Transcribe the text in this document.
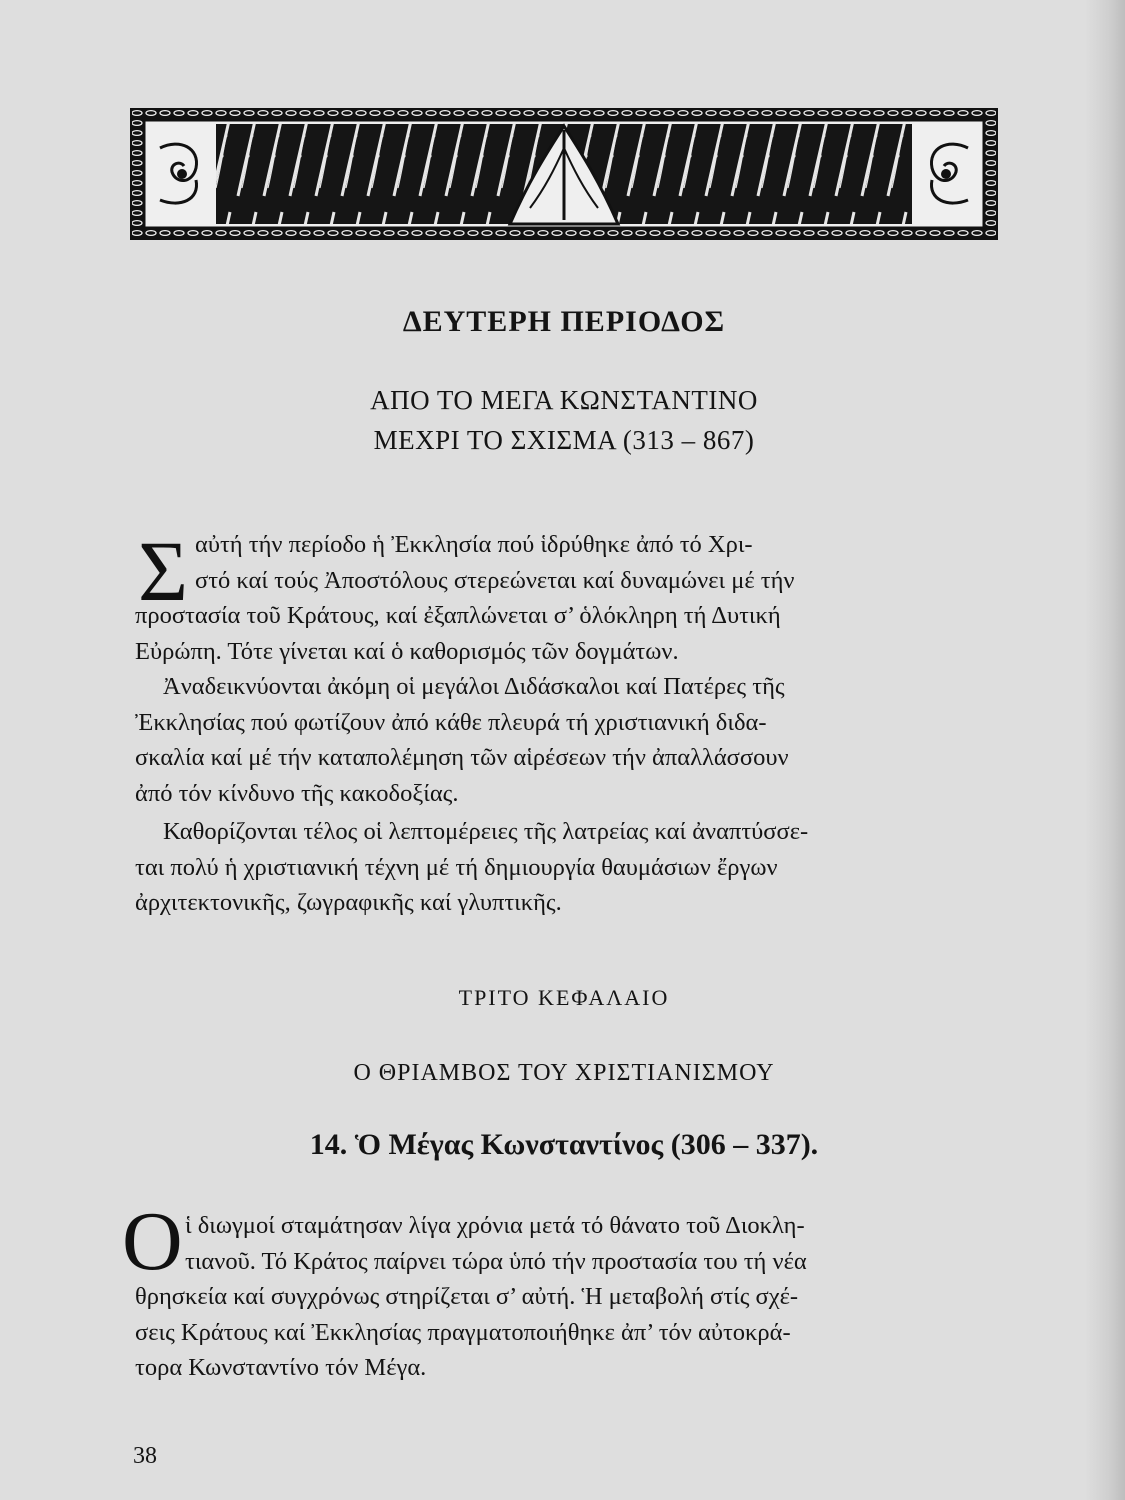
ΔΕΥΤΕΡΗ ΠΕΡΙΟΔΟΣ
ΑΠΟ ΤΟ ΜΕΓΑ ΚΩΝΣΤΑΝΤΙΝΟ
ΜΕΧΡΙ ΤΟ ΣΧΙΣΜΑ (313 – 867)
Σ αὐτή τήν περίοδο ἡ Ἐκκλησία πού ἱδρύθηκε ἀπό τό Χρι-
στό καί τούς Ἀποστόλους στερεώνεται καί δυναμώνει μέ τήν
προστασία τοῦ Κράτους, καί ἐξαπλώνεται σ’ ὁλόκληρη τή Δυτική
Εὐρώπη. Τότε γίνεται καί ὁ καθορισμός τῶν δογμάτων.
Ἀναδεικνύονται ἀκόμη οἱ μεγάλοι Διδάσκαλοι καί Πατέρες τῆς
Ἐκκλησίας πού φωτίζουν ἀπό κάθε πλευρά τή χριστιανική διδα-
σκαλία καί μέ τήν καταπολέμηση τῶν αἱρέσεων τήν ἀπαλλάσσουν
ἀπό τόν κίνδυνο τῆς κακοδοξίας.
Καθορίζονται τέλος οἱ λεπτομέρειες τῆς λατρείας καί ἀναπτύσσε-
ται πολύ ἡ χριστιανική τέχνη μέ τή δημιουργία θαυμάσιων ἔργων
ἀρχιτεκτονικῆς, ζωγραφικῆς καί γλυπτικῆς.
ΤΡΙΤΟ ΚΕΦΑΛΑΙΟ
Ο ΘΡΙΑΜΒΟΣ ΤΟΥ ΧΡΙΣΤΙΑΝΙΣΜΟΥ
14. Ὁ Μέγας Κωνσταντίνος (306 – 337).
Ο ἱ διωγμοί σταμάτησαν λίγα χρόνια μετά τό θάνατο τοῦ Διοκλη-
τιανοῦ. Τό Κράτος παίρνει τώρα ὑπό τήν προστασία του τή νέα
θρησκεία καί συγχρόνως στηρίζεται σ’ αὐτή. Ἡ μεταβολή στίς σχέ-
σεις Κράτους καί Ἐκκλησίας πραγματοποιήθηκε ἀπ’ τόν αὐτοκρά-
τορα Κωνσταντίνο τόν Μέγα.
38
